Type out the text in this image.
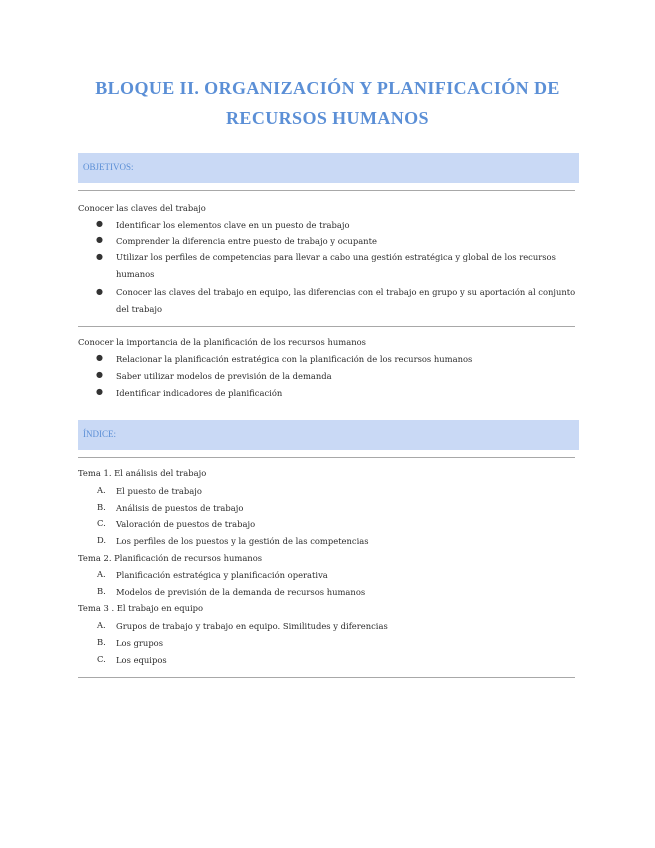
BLOQUE II. ORGANIZACIÓN Y PLANIFICACIÓN DE
RECURSOS HUMANOS
OBJETIVOS:
Conocer las claves del trabajo
● Identificar los elementos clave en un puesto de trabajo
● Comprender la diferencia entre puesto de trabajo y ocupante
● Utilizar los perfiles de competencias para llevar a cabo una gestión estratégica y global de los recursos humanos
● Conocer las claves del trabajo en equipo, las diferencias con el trabajo en grupo y su aportación al conjunto del trabajo
Conocer la importancia de la planificación de los recursos humanos
● Relacionar la planificación estratégica con la planificación de los recursos humanos
● Saber utilizar modelos de previsión de la demanda
● Identificar indicadores de planificación
ÍNDICE:
Tema 1. El análisis del trabajo
A. El puesto de trabajo
B. Análisis de puestos de trabajo
C. Valoración de puestos de trabajo
D. Los perfiles de los puestos y la gestión de las competencias
Tema 2. Planificación de recursos humanos
A. Planificación estratégica y planificación operativa
B. Modelos de previsión de la demanda de recursos humanos
Tema 3 . El trabajo en equipo
A. Grupos de trabajo y trabajo en equipo. Similitudes y diferencias
B. Los grupos
C. Los equipos
